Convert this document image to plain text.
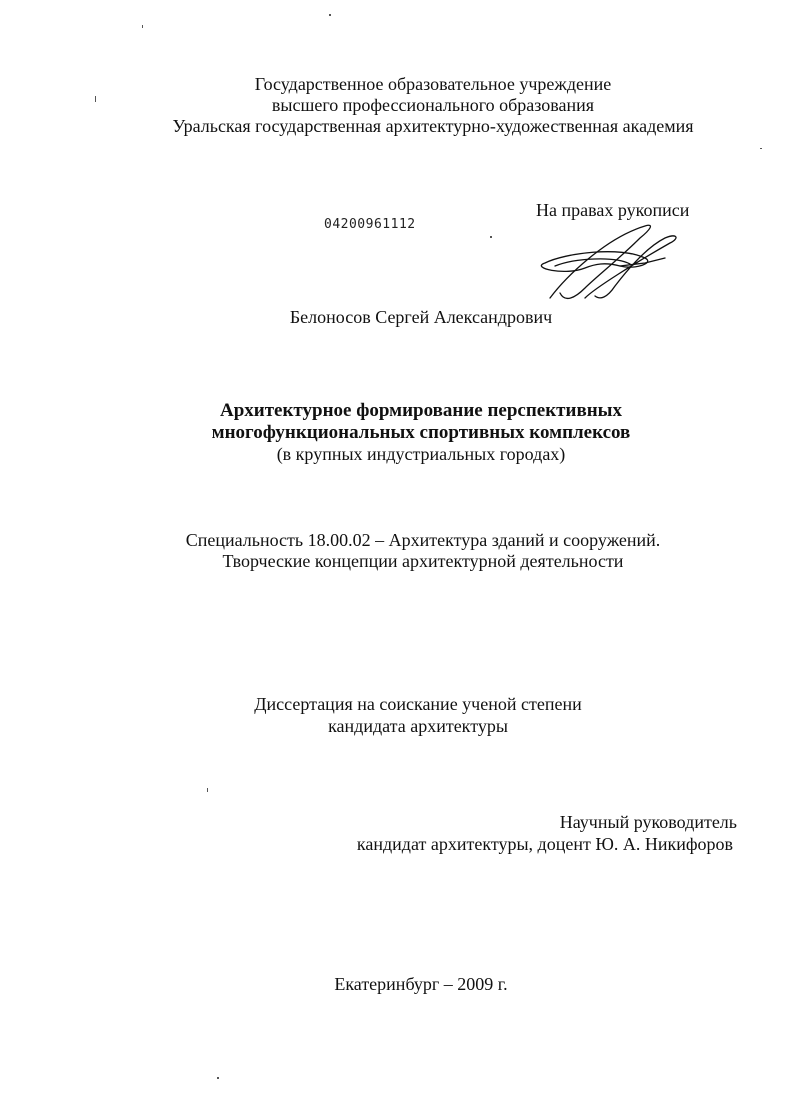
Государственное образовательное учреждение
высшего профессионального образования
Уральская государственная архитектурно-художественная академия
На правах рукописи
04200961112
Белоносов Сергей Александрович
Архитектурное формирование перспективных
многофункциональных спортивных комплексов
(в крупных индустриальных городах)
Специальность 18.00.02 – Архитектура зданий и сооружений.
Творческие концепции архитектурной деятельности
Диссертация на соискание ученой степени
кандидата архитектуры
Научный руководитель
кандидат архитектуры, доцент Ю. А. Никифоров
Екатеринбург – 2009 г.
